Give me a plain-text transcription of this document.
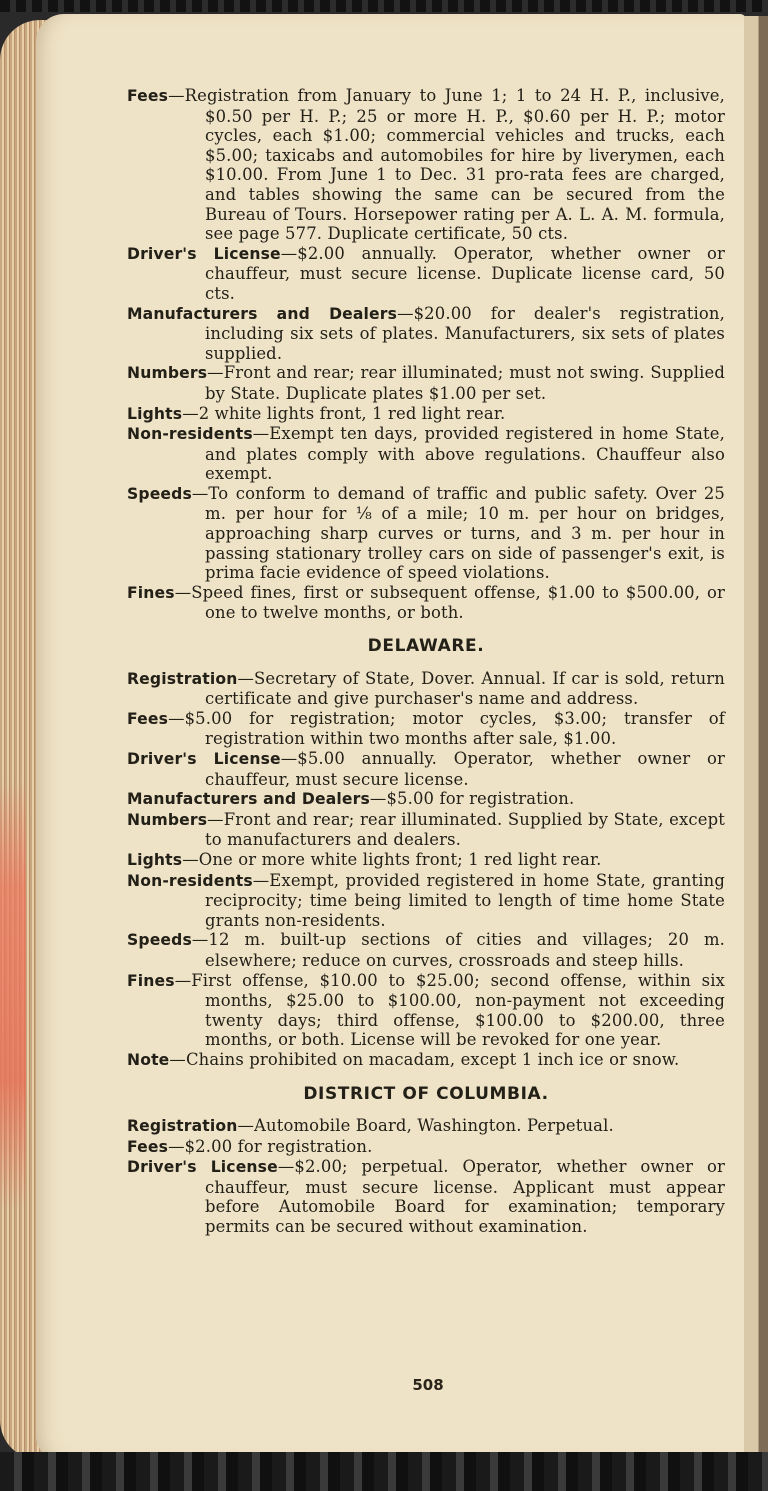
Fees—Registration from January to June 1; 1 to 24 H. P., inclusive, $0.50 per H. P.; 25 or more H. P., $0.60 per H. P.; motor cycles, each $1.00; commercial vehicles and trucks, each $5.00; taxicabs and automobiles for hire by liverymen, each $10.00. From June 1 to Dec. 31 pro-rata fees are charged, and tables showing the same can be secured from the Bureau of Tours. Horsepower rating per A. L. A. M. formula, see page 577. Duplicate certificate, 50 cts.

Driver's License—$2.00 annually. Operator, whether owner or chauffeur, must secure license. Duplicate license card, 50 cts.

Manufacturers and Dealers—$20.00 for dealer's registration, including six sets of plates. Manufacturers, six sets of plates supplied.

Numbers—Front and rear; rear illuminated; must not swing. Supplied by State. Duplicate plates $1.00 per set.

Lights—2 white lights front, 1 red light rear.

Non-residents—Exempt ten days, provided registered in home State, and plates comply with above regulations. Chauffeur also exempt.

Speeds—To conform to demand of traffic and public safety. Over 25 m. per hour for ⅛ of a mile; 10 m. per hour on bridges, approaching sharp curves or turns, and 3 m. per hour in passing stationary trolley cars on side of passenger's exit, is prima facie evidence of speed violations.

Fines—Speed fines, first or subsequent offense, $1.00 to $500.00, or one to twelve months, or both.

DELAWARE.

Registration—Secretary of State, Dover. Annual. If car is sold, return certificate and give purchaser's name and address.

Fees—$5.00 for registration; motor cycles, $3.00; transfer of registration within two months after sale, $1.00.

Driver's License—$5.00 annually. Operator, whether owner or chauffeur, must secure license.

Manufacturers and Dealers—$5.00 for registration.

Numbers—Front and rear; rear illuminated. Supplied by State, except to manufacturers and dealers.

Lights—One or more white lights front; 1 red light rear.

Non-residents—Exempt, provided registered in home State, granting reciprocity; time being limited to length of time home State grants non-residents.

Speeds—12 m. built-up sections of cities and villages; 20 m. elsewhere; reduce on curves, crossroads and steep hills.

Fines—First offense, $10.00 to $25.00; second offense, within six months, $25.00 to $100.00, non-payment not exceeding twenty days; third offense, $100.00 to $200.00, three months, or both. License will be revoked for one year.

Note—Chains prohibited on macadam, except 1 inch ice or snow.

DISTRICT OF COLUMBIA.

Registration—Automobile Board, Washington. Perpetual.

Fees—$2.00 for registration.

Driver's License—$2.00; perpetual. Operator, whether owner or chauffeur, must secure license. Applicant must appear before Automobile Board for examination; temporary permits can be secured without examination.

508
